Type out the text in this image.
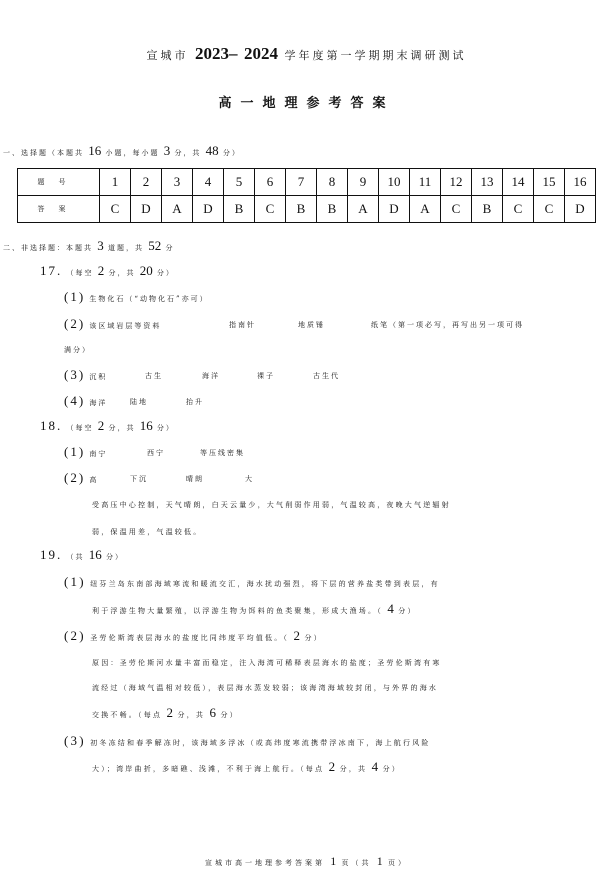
宣城市 2023– 2024 学年度第一学期期末调研测试
高一地理参考答案
一、选择题（本题共 16 小题，每小题 3 分，共 48 分）
题号	1	2	3	4	5	6	7	8	9	10	11	12	13	14	15	16
答案	C	D	A	D	B	C	B	B	A	D	A	C	B	C	C	D
二、非选择题：本题共 3 道题，共 52 分
17. （每空 2 分，共 20 分）
(1) 生物化石（“动物化石”亦可）
(2) 该区域岩层等资料	指南针	地质锤	纸笔（第一项必写，再写出另一项可得
满分）
(3) 沉积	古生	海洋	裸子	古生代
(4) 海洋	陆地	抬升
18. （每空 2 分，共 16 分）
(1) 南宁	西宁	等压线密集
(2) 高	下沉	晴朗	大
受高压中心控制，天气晴朗，白天云量少，大气削弱作用弱，气温较高，夜晚大气逆辐射
弱，保温用差，气温较低。
19. （共 16 分）
(1) 纽芬兰岛东南部海域寒流和暖流交汇，海水扰动强烈，将下层的营养盐类带到表层，有
利于浮游生物大量繁殖，以浮游生物为饵料的鱼类聚集，形成大渔场。（ 4 分）
(2) 圣劳伦斯湾表层海水的盐度比同纬度平均值低。（ 2 分）
原因：圣劳伦斯河水量丰富而稳定，注入海湾可稀释表层海水的盐度；圣劳伦斯湾有寒
流经过（海域气温相对较低），表层海水蒸发较弱；该海湾海域较封闭，与外界的海水
交换不畅。（每点 2 分，共 6 分）
(3) 初冬冻结和春季解冻时，该海域多浮冰（或高纬度寒流携带浮冰南下，海上航行风险
大）；湾岸曲折，多暗礁、浅滩，不利于海上航行。（每点 2 分，共 4 分）
宣城市高一地理参考答案第 1 页（共 1 页）
